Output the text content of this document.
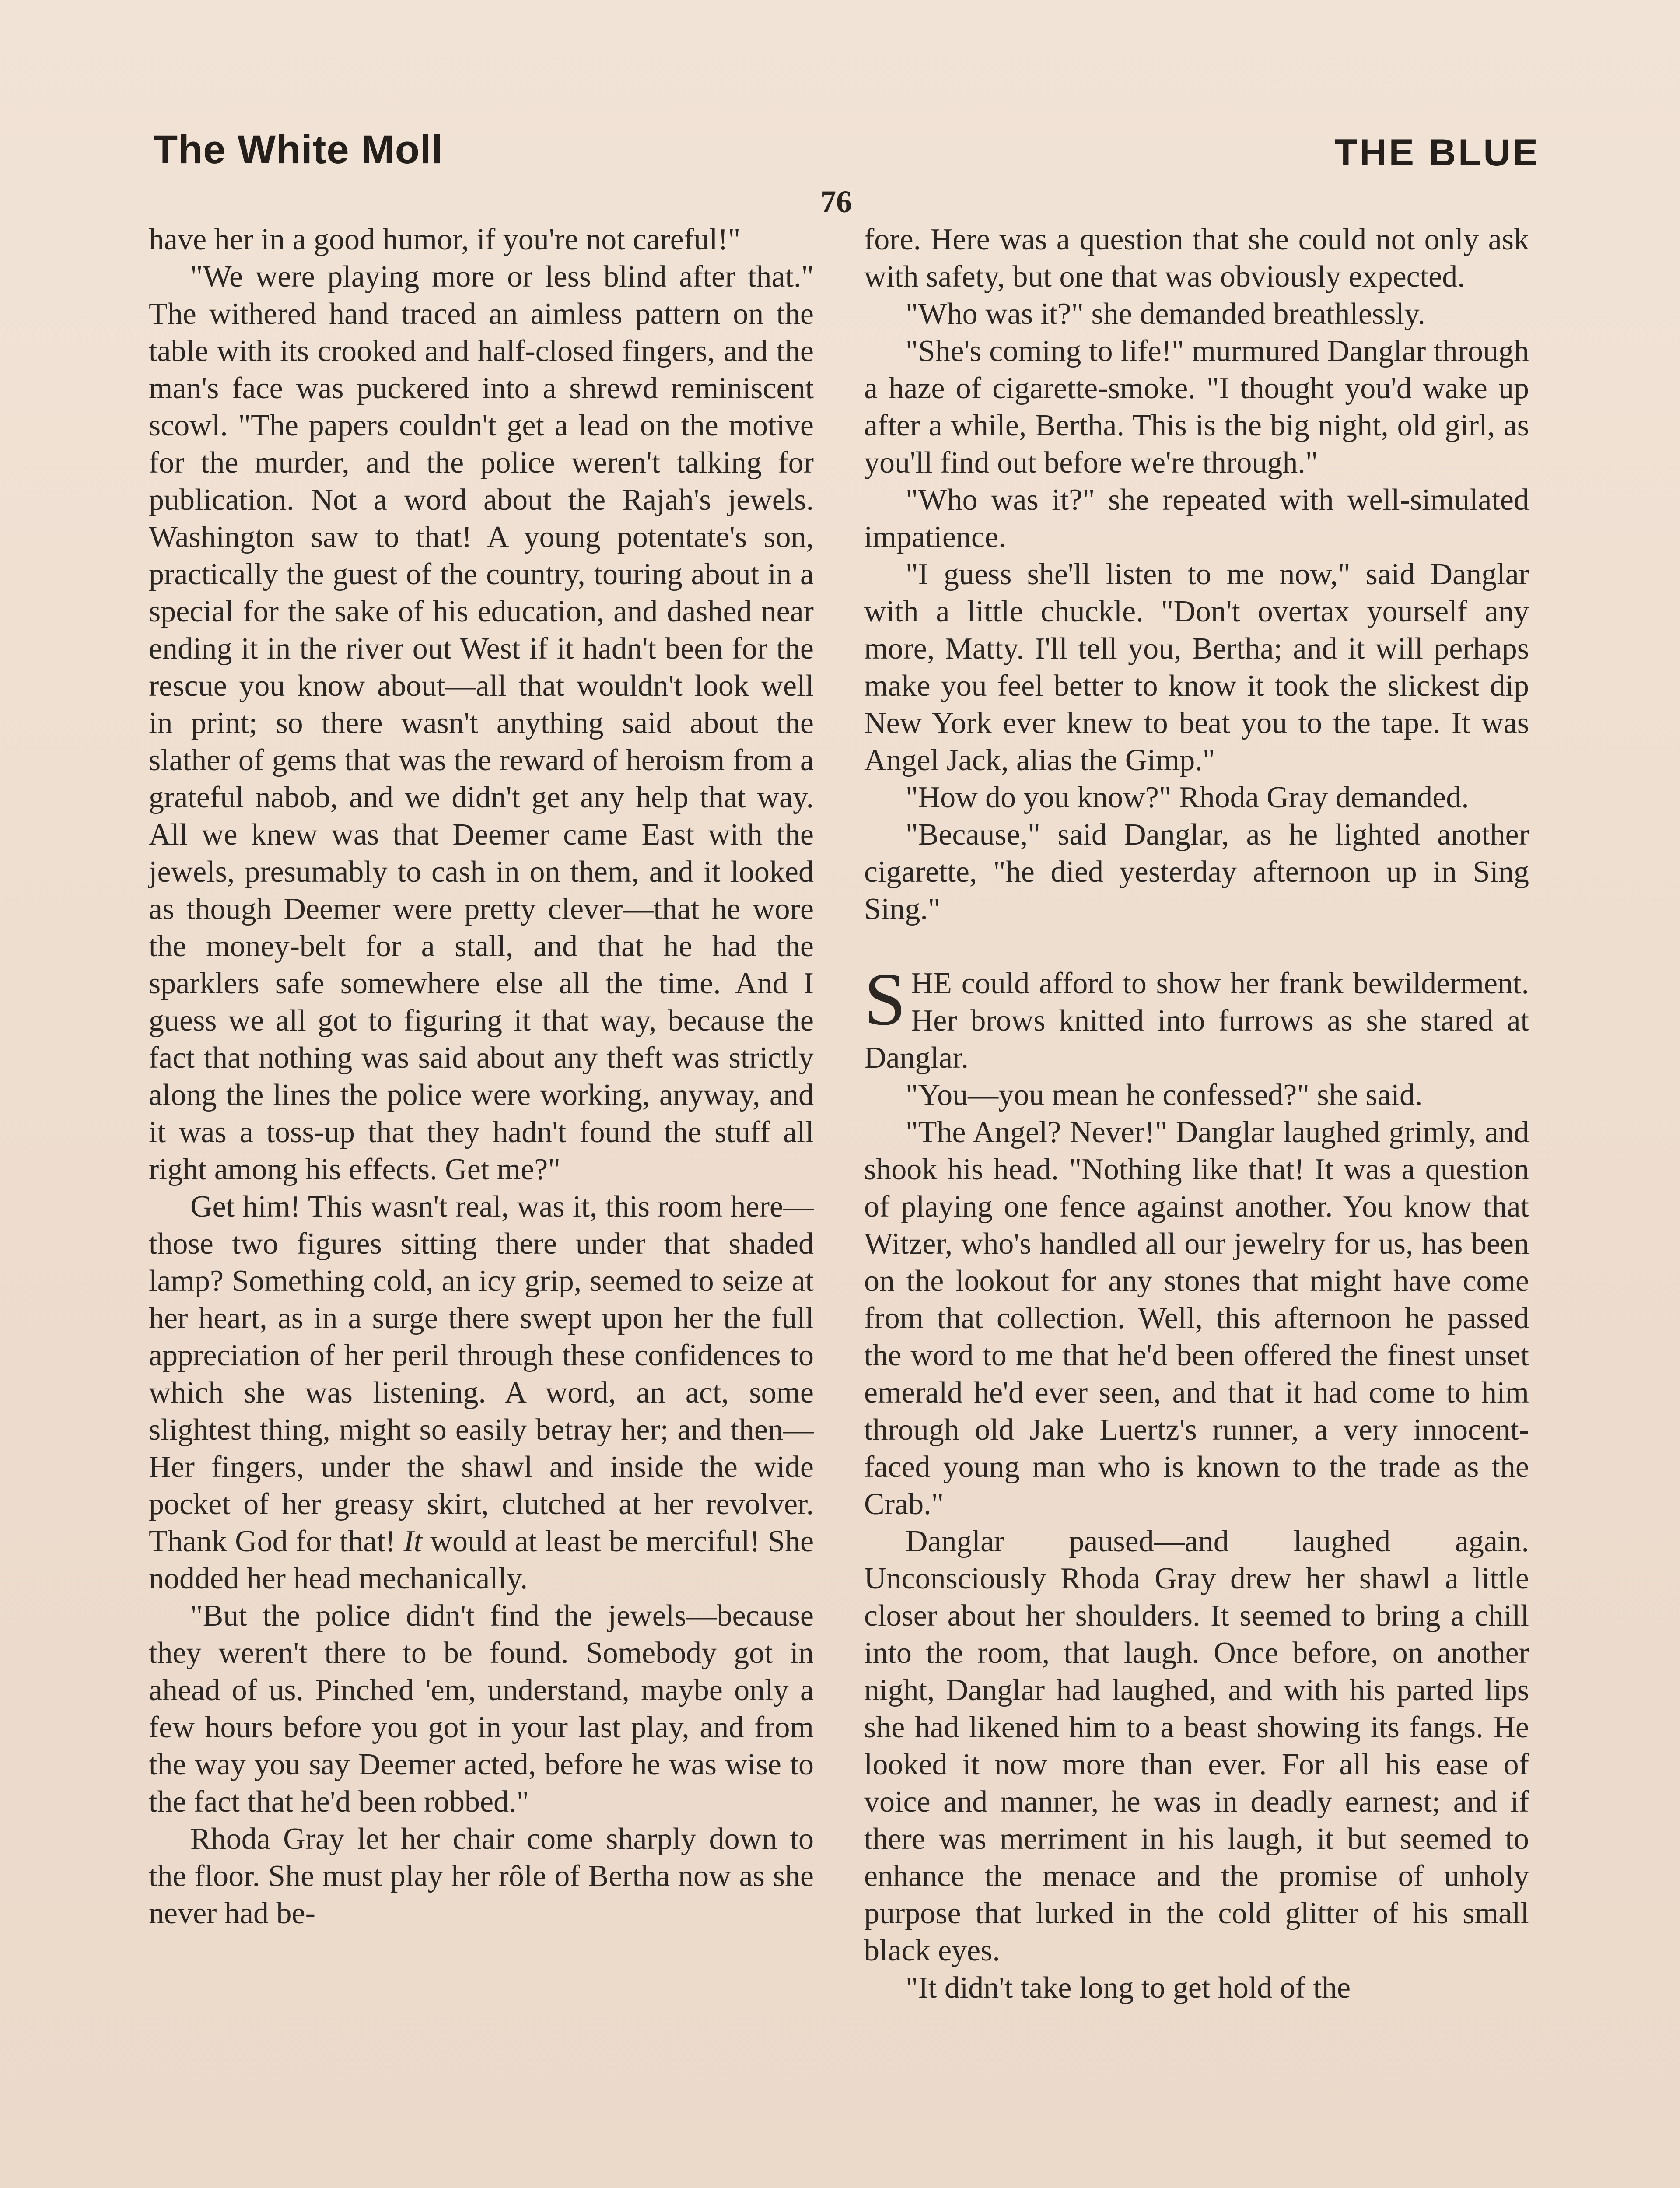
The White Moll	THE BLUE
76

have her in a good humor, if you're not careful!"

"We were playing more or less blind after that." The withered hand traced an aimless pattern on the table with its crooked and half-closed fingers, and the man's face was puckered into a shrewd reminiscent scowl. "The papers couldn't get a lead on the motive for the murder, and the police weren't talking for publication. Not a word about the Rajah's jewels. Washington saw to that! A young potentate's son, practically the guest of the country, touring about in a special for the sake of his education, and dashed near ending it in the river out West if it hadn't been for the rescue you know about—all that wouldn't look well in print; so there wasn't anything said about the slather of gems that was the reward of heroism from a grateful nabob, and we didn't get any help that way. All we knew was that Deemer came East with the jewels, presumably to cash in on them, and it looked as though Deemer were pretty clever—that he wore the money-belt for a stall, and that he had the sparklers safe somewhere else all the time. And I guess we all got to figuring it that way, because the fact that nothing was said about any theft was strictly along the lines the police were working, anyway, and it was a toss-up that they hadn't found the stuff all right among his effects. Get me?"

Get him! This wasn't real, was it, this room here—those two figures sitting there under that shaded lamp? Something cold, an icy grip, seemed to seize at her heart, as in a surge there swept upon her the full appreciation of her peril through these confidences to which she was listening. A word, an act, some slightest thing, might so easily betray her; and then— Her fingers, under the shawl and inside the wide pocket of her greasy skirt, clutched at her revolver. Thank God for that! It would at least be merciful! She nodded her head mechanically.

"But the police didn't find the jewels—because they weren't there to be found. Somebody got in ahead of us. Pinched 'em, understand, maybe only a few hours before you got in your last play, and from the way you say Deemer acted, before he was wise to the fact that he'd been robbed."

Rhoda Gray let her chair come sharply down to the floor. She must play her rôle of Bertha now as she never had be-

fore. Here was a question that she could not only ask with safety, but one that was obviously expected.

"Who was it?" she demanded breathlessly.

"She's coming to life!" murmured Danglar through a haze of cigarette-smoke. "I thought you'd wake up after a while, Bertha. This is the big night, old girl, as you'll find out before we're through."

"Who was it?" she repeated with well-simulated impatience.

"I guess she'll listen to me now," said Danglar with a little chuckle. "Don't overtax yourself any more, Matty. I'll tell you, Bertha; and it will perhaps make you feel better to know it took the slickest dip New York ever knew to beat you to the tape. It was Angel Jack, alias the Gimp."

"How do you know?" Rhoda Gray demanded.

"Because," said Danglar, as he lighted another cigarette, "he died yesterday afternoon up in Sing Sing."

SHE could afford to show her frank bewilderment. Her brows knitted into furrows as she stared at Danglar.

"You—you mean he confessed?" she said.

"The Angel? Never!" Danglar laughed grimly, and shook his head. "Nothing like that! It was a question of playing one fence against another. You know that Witzer, who's handled all our jewelry for us, has been on the lookout for any stones that might have come from that collection. Well, this afternoon he passed the word to me that he'd been offered the finest unset emerald he'd ever seen, and that it had come to him through old Jake Luertz's runner, a very innocent-faced young man who is known to the trade as the Crab."

Danglar paused—and laughed again. Unconsciously Rhoda Gray drew her shawl a little closer about her shoulders. It seemed to bring a chill into the room, that laugh. Once before, on another night, Danglar had laughed, and with his parted lips she had likened him to a beast showing its fangs. He looked it now more than ever. For all his ease of voice and manner, he was in deadly earnest; and if there was merriment in his laugh, it but seemed to enhance the menace and the promise of unholy purpose that lurked in the cold glitter of his small black eyes.

"It didn't take long to get hold of the
